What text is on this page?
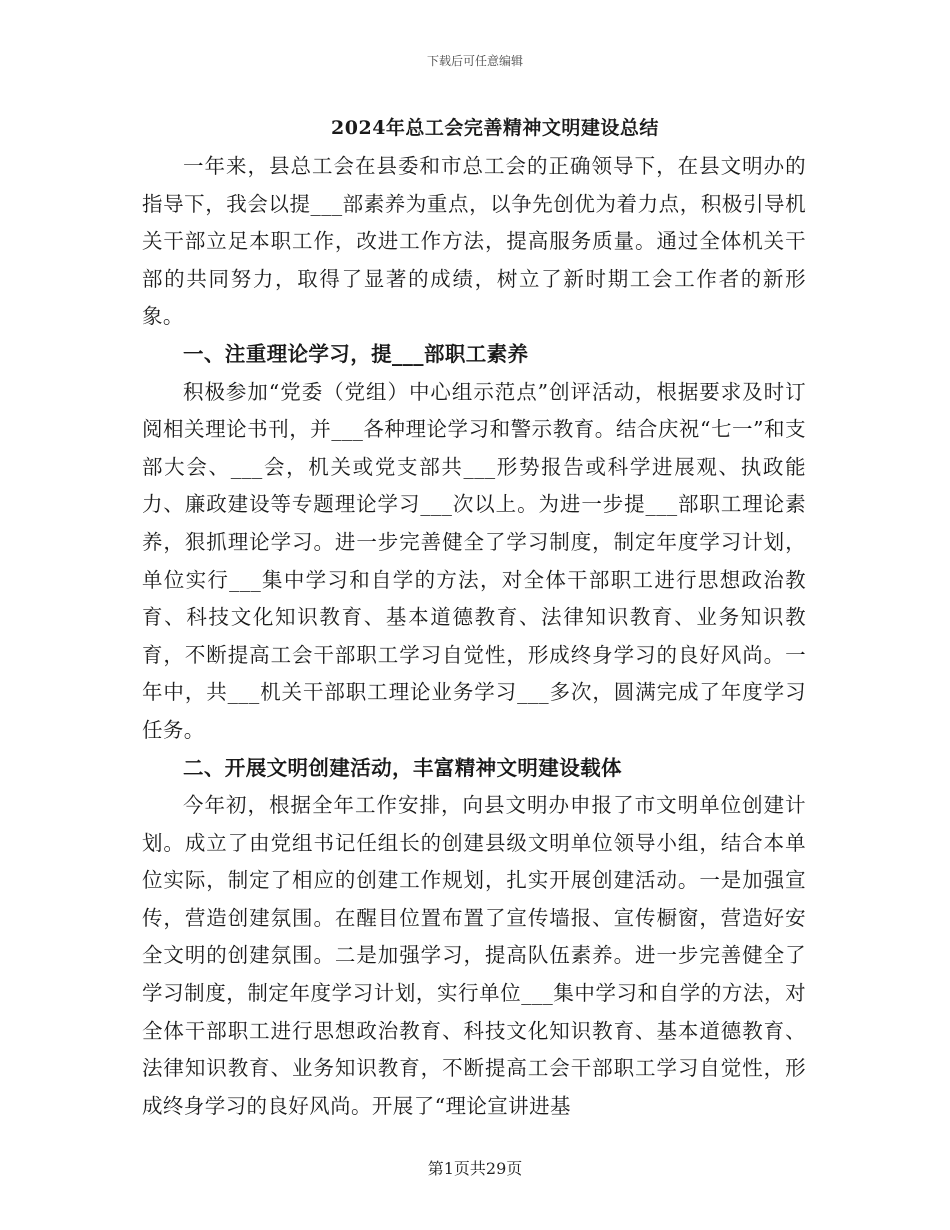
下载后可任意编辑
2024年总工会完善精神文明建设总结

一年来，县总工会在县委和市总工会的正确领导下，在县文明办的指导下，我会以提___部素养为重点，以争先创优为着力点，积极引导机关干部立足本职工作，改进工作方法，提高服务质量。通过全体机关干部的共同努力，取得了显著的成绩，树立了新时期工会工作者的新形象。

一、注重理论学习，提___部职工素养

积极参加“党委（党组）中心组示范点”创评活动，根据要求及时订阅相关理论书刊，并___各种理论学习和警示教育。结合庆祝“七一”和支部大会、___会，机关或党支部共___形势报告或科学进展观、执政能力、廉政建设等专题理论学习___次以上。为进一步提___部职工理论素养，狠抓理论学习。进一步完善健全了学习制度，制定年度学习计划，单位实行___集中学习和自学的方法，对全体干部职工进行思想政治教育、科技文化知识教育、基本道德教育、法律知识教育、业务知识教育，不断提高工会干部职工学习自觉性，形成终身学习的良好风尚。一年中，共___机关干部职工理论业务学习___多次，圆满完成了年度学习任务。

二、开展文明创建活动，丰富精神文明建设载体

今年初，根据全年工作安排，向县文明办申报了市文明单位创建计划。成立了由党组书记任组长的创建县级文明单位领导小组，结合本单位实际，制定了相应的创建工作规划，扎实开展创建活动。一是加强宣传，营造创建氛围。在醒目位置布置了宣传墙报、宣传橱窗，营造好安全文明的创建氛围。二是加强学习，提高队伍素养。进一步完善健全了学习制度，制定年度学习计划，实行单位___集中学习和自学的方法，对全体干部职工进行思想政治教育、科技文化知识教育、基本道德教育、法律知识教育、业务知识教育，不断提高工会干部职工学习自觉性，形成终身学习的良好风尚。开展了“理论宣讲进基

第1页共29页
